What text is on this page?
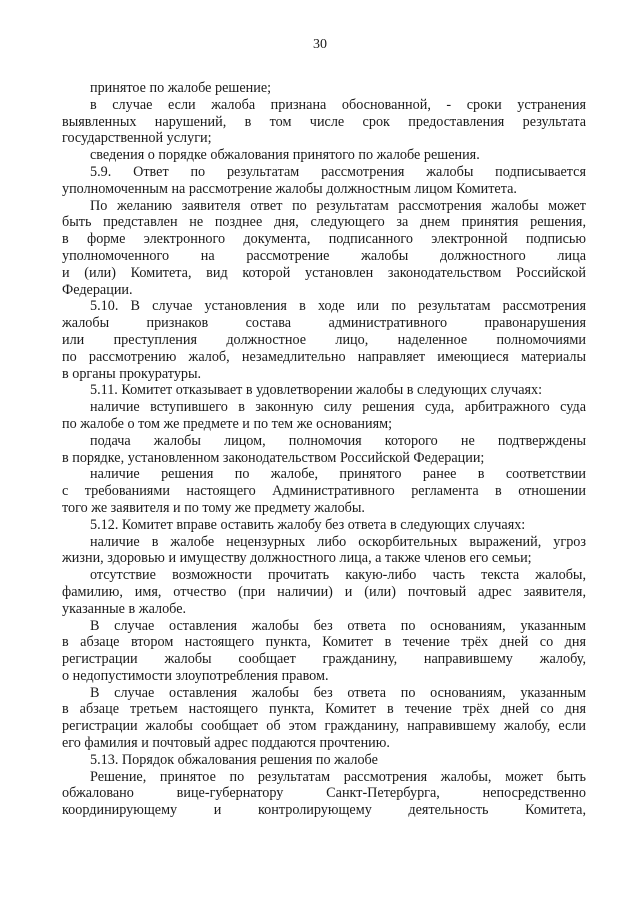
30
принятое по жалобе решение;
в случае если жалоба признана обоснованной, - сроки устранения
выявленных нарушений, в том числе срок предоставления результата
государственной услуги;
сведения о порядке обжалования принятого по жалобе решения.
5.9. Ответ по результатам рассмотрения жалобы подписывается
уполномоченным на рассмотрение жалобы должностным лицом Комитета.
По желанию заявителя ответ по результатам рассмотрения жалобы может
быть представлен не позднее дня, следующего за днем принятия решения,
в форме электронного документа, подписанного электронной подписью
уполномоченного на рассмотрение жалобы должностного лица
и (или) Комитета, вид которой установлен законодательством Российской
Федерации.
5.10. В случае установления в ходе или по результатам рассмотрения
жалобы признаков состава административного правонарушения
или преступления должностное лицо, наделенное полномочиями
по рассмотрению жалоб, незамедлительно направляет имеющиеся материалы
в органы прокуратуры.
5.11. Комитет отказывает в удовлетворении жалобы в следующих случаях:
наличие вступившего в законную силу решения суда, арбитражного суда
по жалобе о том же предмете и по тем же основаниям;
подача жалобы лицом, полномочия которого не подтверждены
в порядке, установленном законодательством Российской Федерации;
наличие решения по жалобе, принятого ранее в соответствии
с требованиями настоящего Административного регламента в отношении
того же заявителя и по тому же предмету жалобы.
5.12. Комитет вправе оставить жалобу без ответа в следующих случаях:
наличие в жалобе нецензурных либо оскорбительных выражений, угроз
жизни, здоровью и имуществу должностного лица, а также членов его семьи;
отсутствие возможности прочитать какую-либо часть текста жалобы,
фамилию, имя, отчество (при наличии) и (или) почтовый адрес заявителя,
указанные в жалобе.
В случае оставления жалобы без ответа по основаниям, указанным
в абзаце втором настоящего пункта, Комитет в течение трёх дней со дня
регистрации жалобы сообщает гражданину, направившему жалобу,
о недопустимости злоупотребления правом.
В случае оставления жалобы без ответа по основаниям, указанным
в абзаце третьем настоящего пункта, Комитет в течение трёх дней со дня
регистрации жалобы сообщает об этом гражданину, направившему жалобу, если
его фамилия и почтовый адрес поддаются прочтению.
5.13. Порядок обжалования решения по жалобе
Решение, принятое по результатам рассмотрения жалобы, может быть
обжаловано вице-губернатору Санкт-Петербурга, непосредственно
координирующему и контролирующему деятельность Комитета,
